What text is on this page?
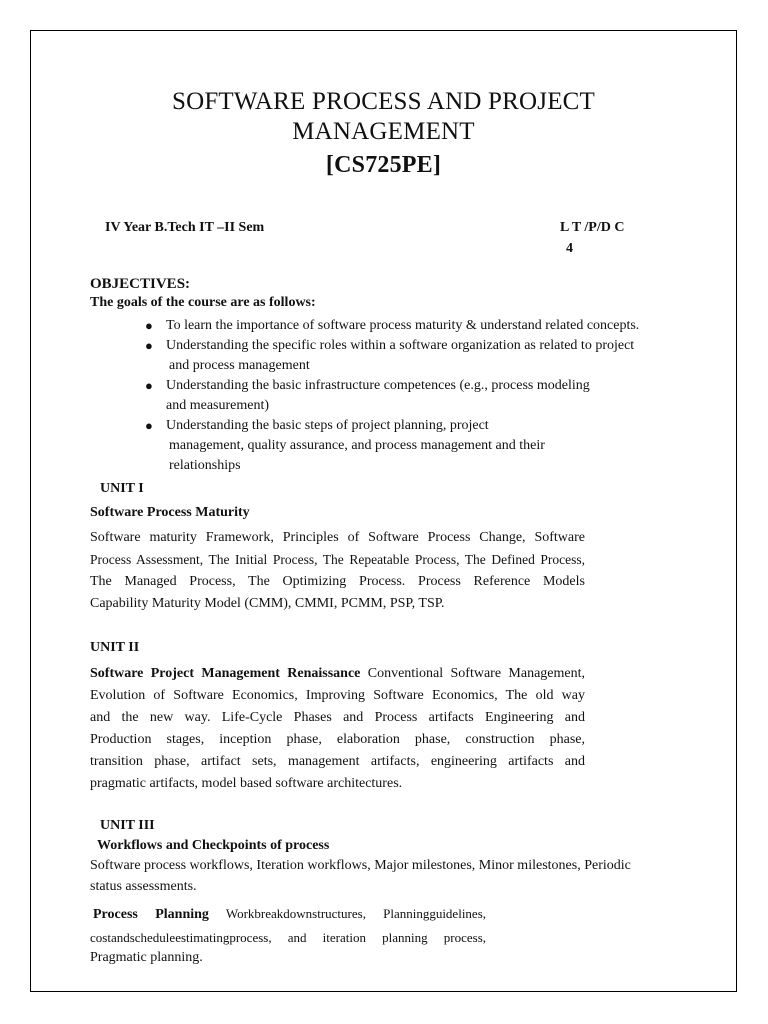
SOFTWARE PROCESS AND PROJECT
MANAGEMENT
[CS725PE]
IV Year B.Tech IT –II Sem	L T /P/D C
4
OBJECTIVES:
The goals of the course are as follows:
● To learn the importance of software process maturity & understand related concepts.
● Understanding the specific roles within a software organization as related to project
and process management
● Understanding the basic infrastructure competences (e.g., process modeling
and measurement)
● Understanding the basic steps of project planning, project
management, quality assurance, and process management and their
relationships
UNIT I
Software Process Maturity
Software maturity Framework, Principles of Software Process Change, Software
Process Assessment, The Initial Process, The Repeatable Process, The Defined Process,
The Managed Process, The Optimizing Process. Process Reference Models
Capability Maturity Model (CMM), CMMI, PCMM, PSP, TSP.
UNIT II
Software Project Management Renaissance Conventional Software Management,
Evolution of Software Economics, Improving Software Economics, The old way
and the new way. Life-Cycle Phases and Process artifacts Engineering and
Production stages, inception phase, elaboration phase, construction phase,
transition phase, artifact sets, management artifacts, engineering artifacts and
pragmatic artifacts, model based software architectures.
UNIT III
Workflows and Checkpoints of process
Software process workflows, Iteration workflows, Major milestones, Minor milestones, Periodic
status assessments.
Process Planning Workbreakdownstructures, Planningguidelines,
costandscheduleestimatingprocess, and iteration planning process,
Pragmatic planning.
